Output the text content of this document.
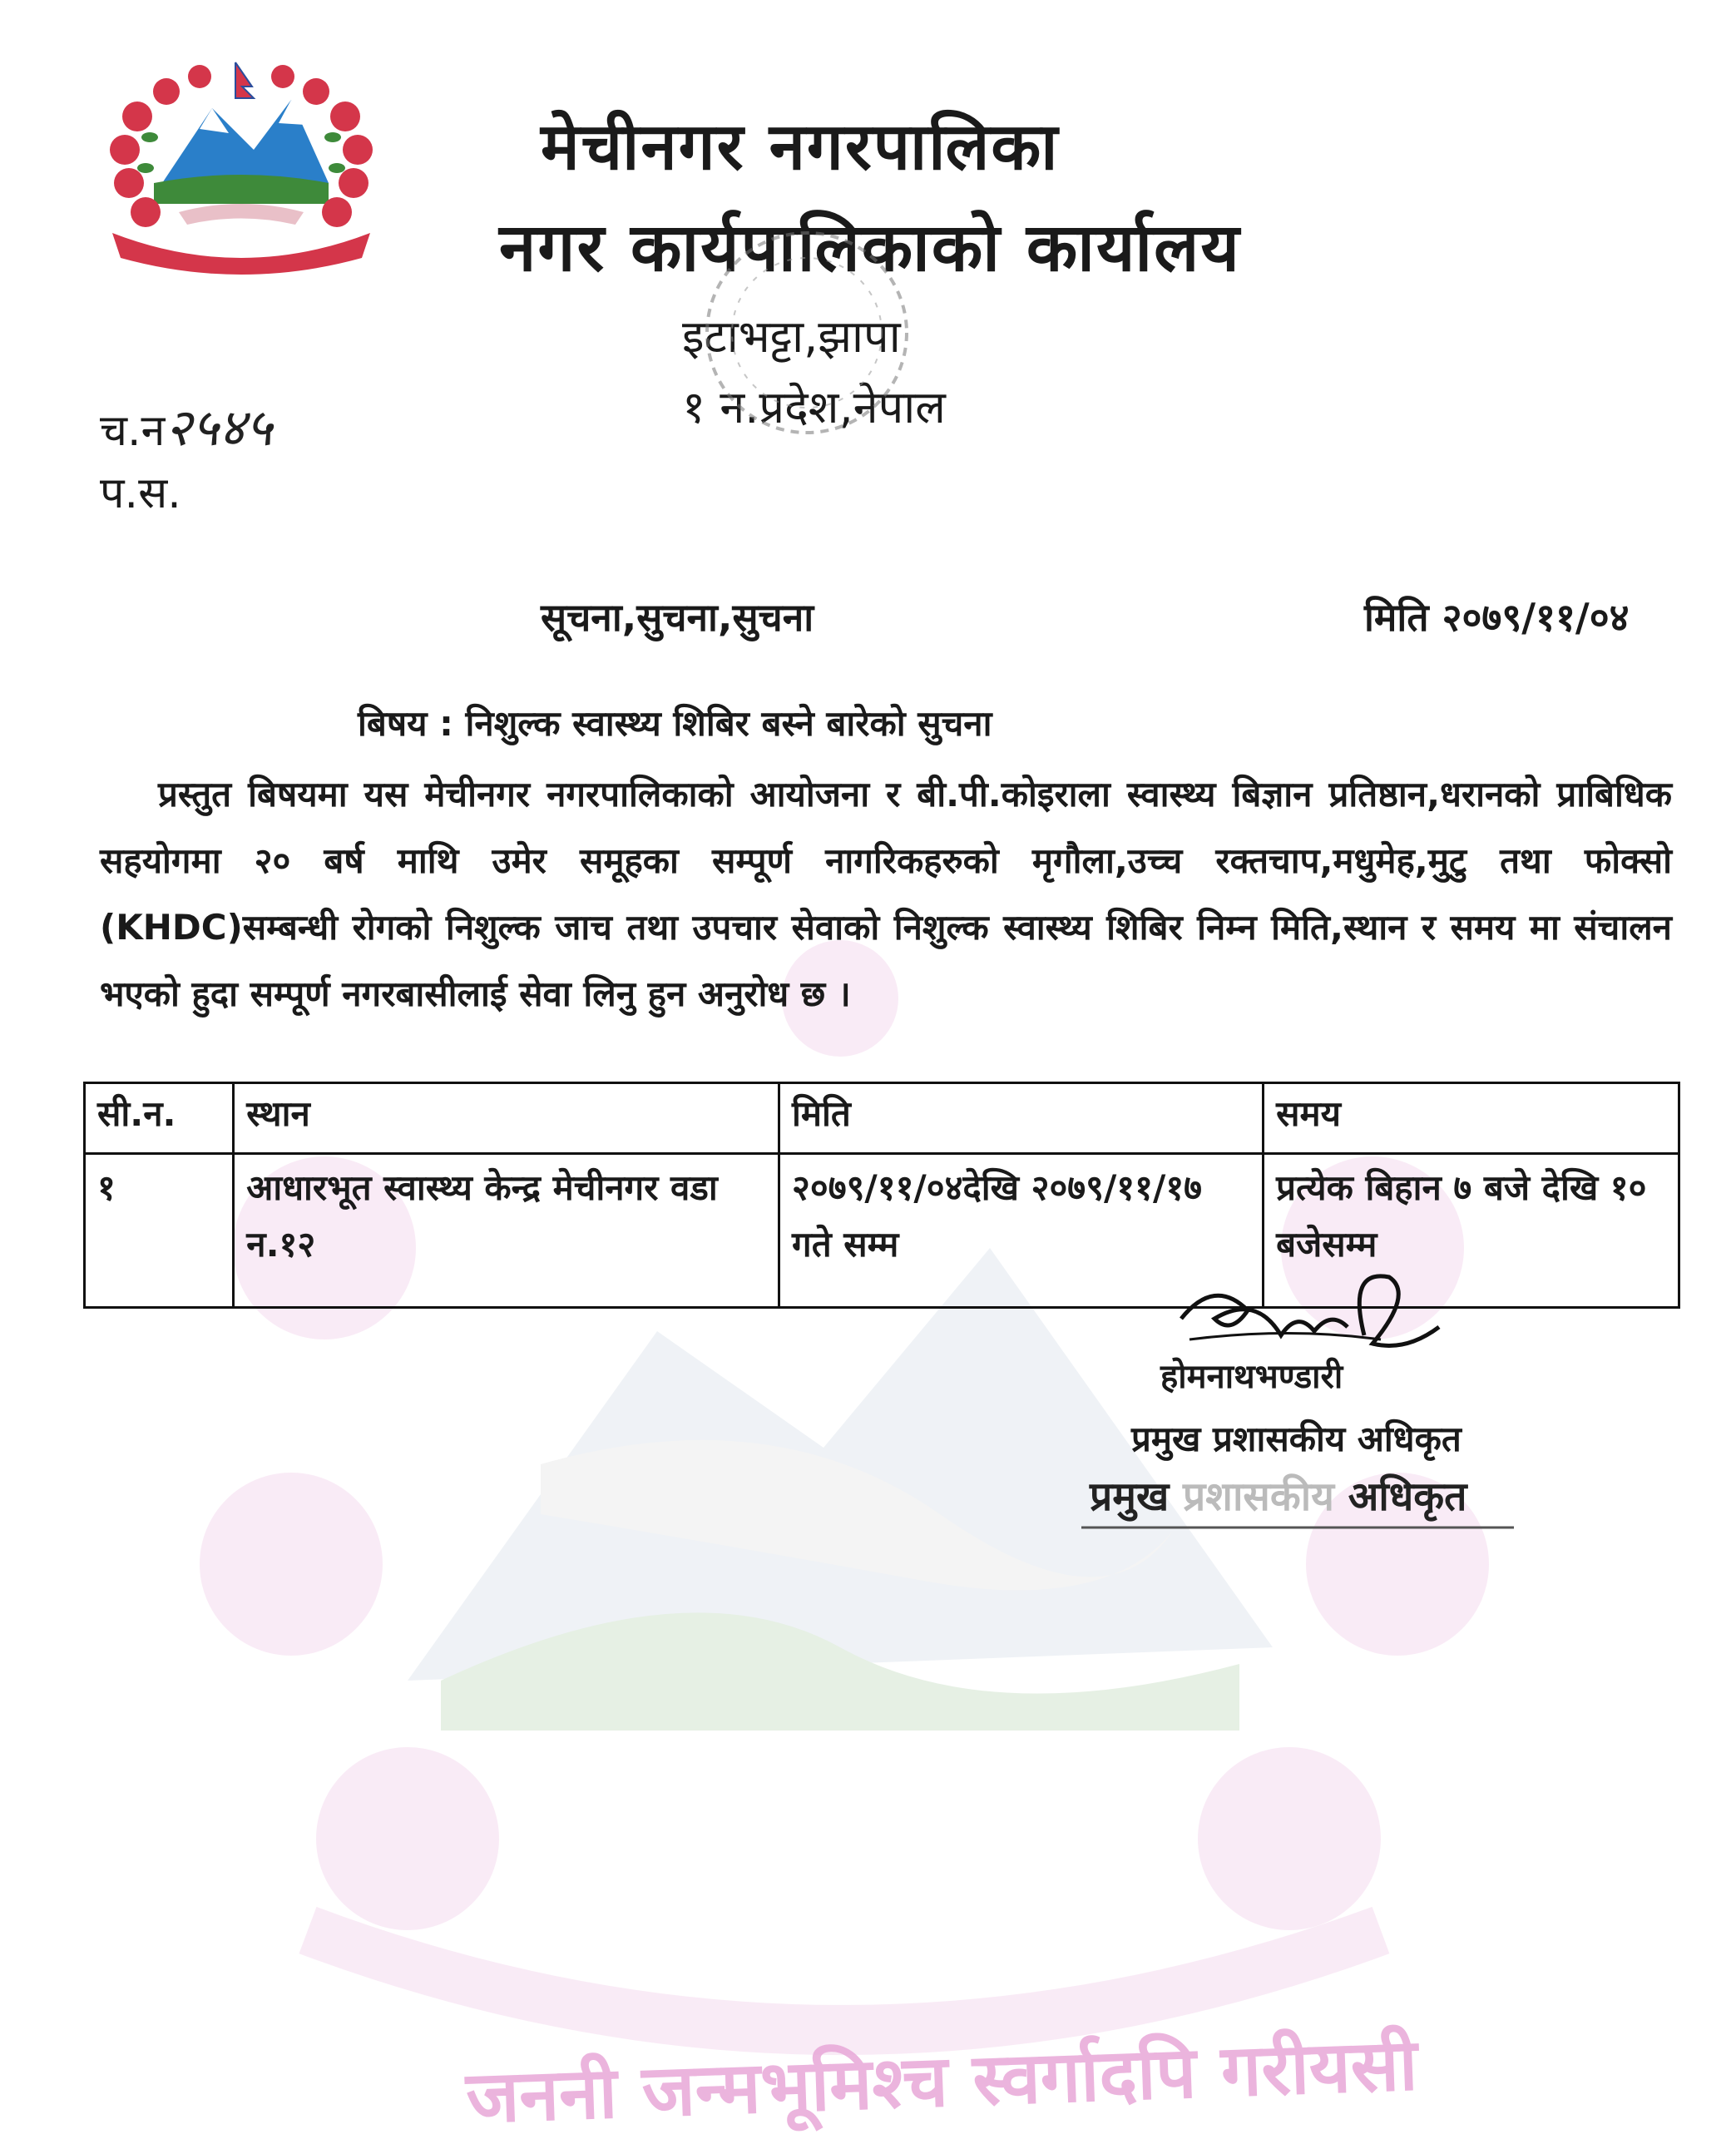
मेचीनगर नगरपालिका
नगर कार्यपालिकाको कार्यालय
इटाभट्टा,झापा
१ न.प्रदेश,नेपाल
च.न२५४५
प.स.
सूचना,सुचना,सुचना	मिति २०७९/११/०४
बिषय : निशुल्क स्वास्थ्य शिबिर बस्ने बारेको सुचना
प्रस्तुत बिषयमा यस मेचीनगर नगरपालिकाको आयोजना र बी.पी.कोइराला स्वास्थ्य बिज्ञान प्रतिष्ठान,धरानको प्राबिधिक सहयोगमा २० बर्ष माथि उमेर समूहका सम्पूर्ण नागरिकहरुको मृगौला,उच्च रक्तचाप,मधुमेह,मुटु तथा फोक्सो (KHDC)सम्बन्धी रोगको निशुल्क जाच तथा उपचार सेवाको निशुल्क स्वास्थ्य शिबिर निम्न मिति,स्थान र समय मा संचालन भएको हुदा सम्पूर्ण नगरबासीलाई सेवा लिनु हुन अनुरोध छ ।
सी.न.	स्थान	मिति	समय
१	आधारभूत स्वास्थ्य केन्द्र मेचीनगर वडा न.१२	२०७९/११/०४देखि २०७९/११/१७ गते सम्म	प्रत्येक बिहान ७ बजे देखि १० बजेसम्म
होमनाथभण्डारी
प्रमुख प्रशासकीय अधिकृत
प्रमुख प्रशासकीय अधिकृत
जननी जन्मभूमिश्च स्वर्गादपि गरीयसी
